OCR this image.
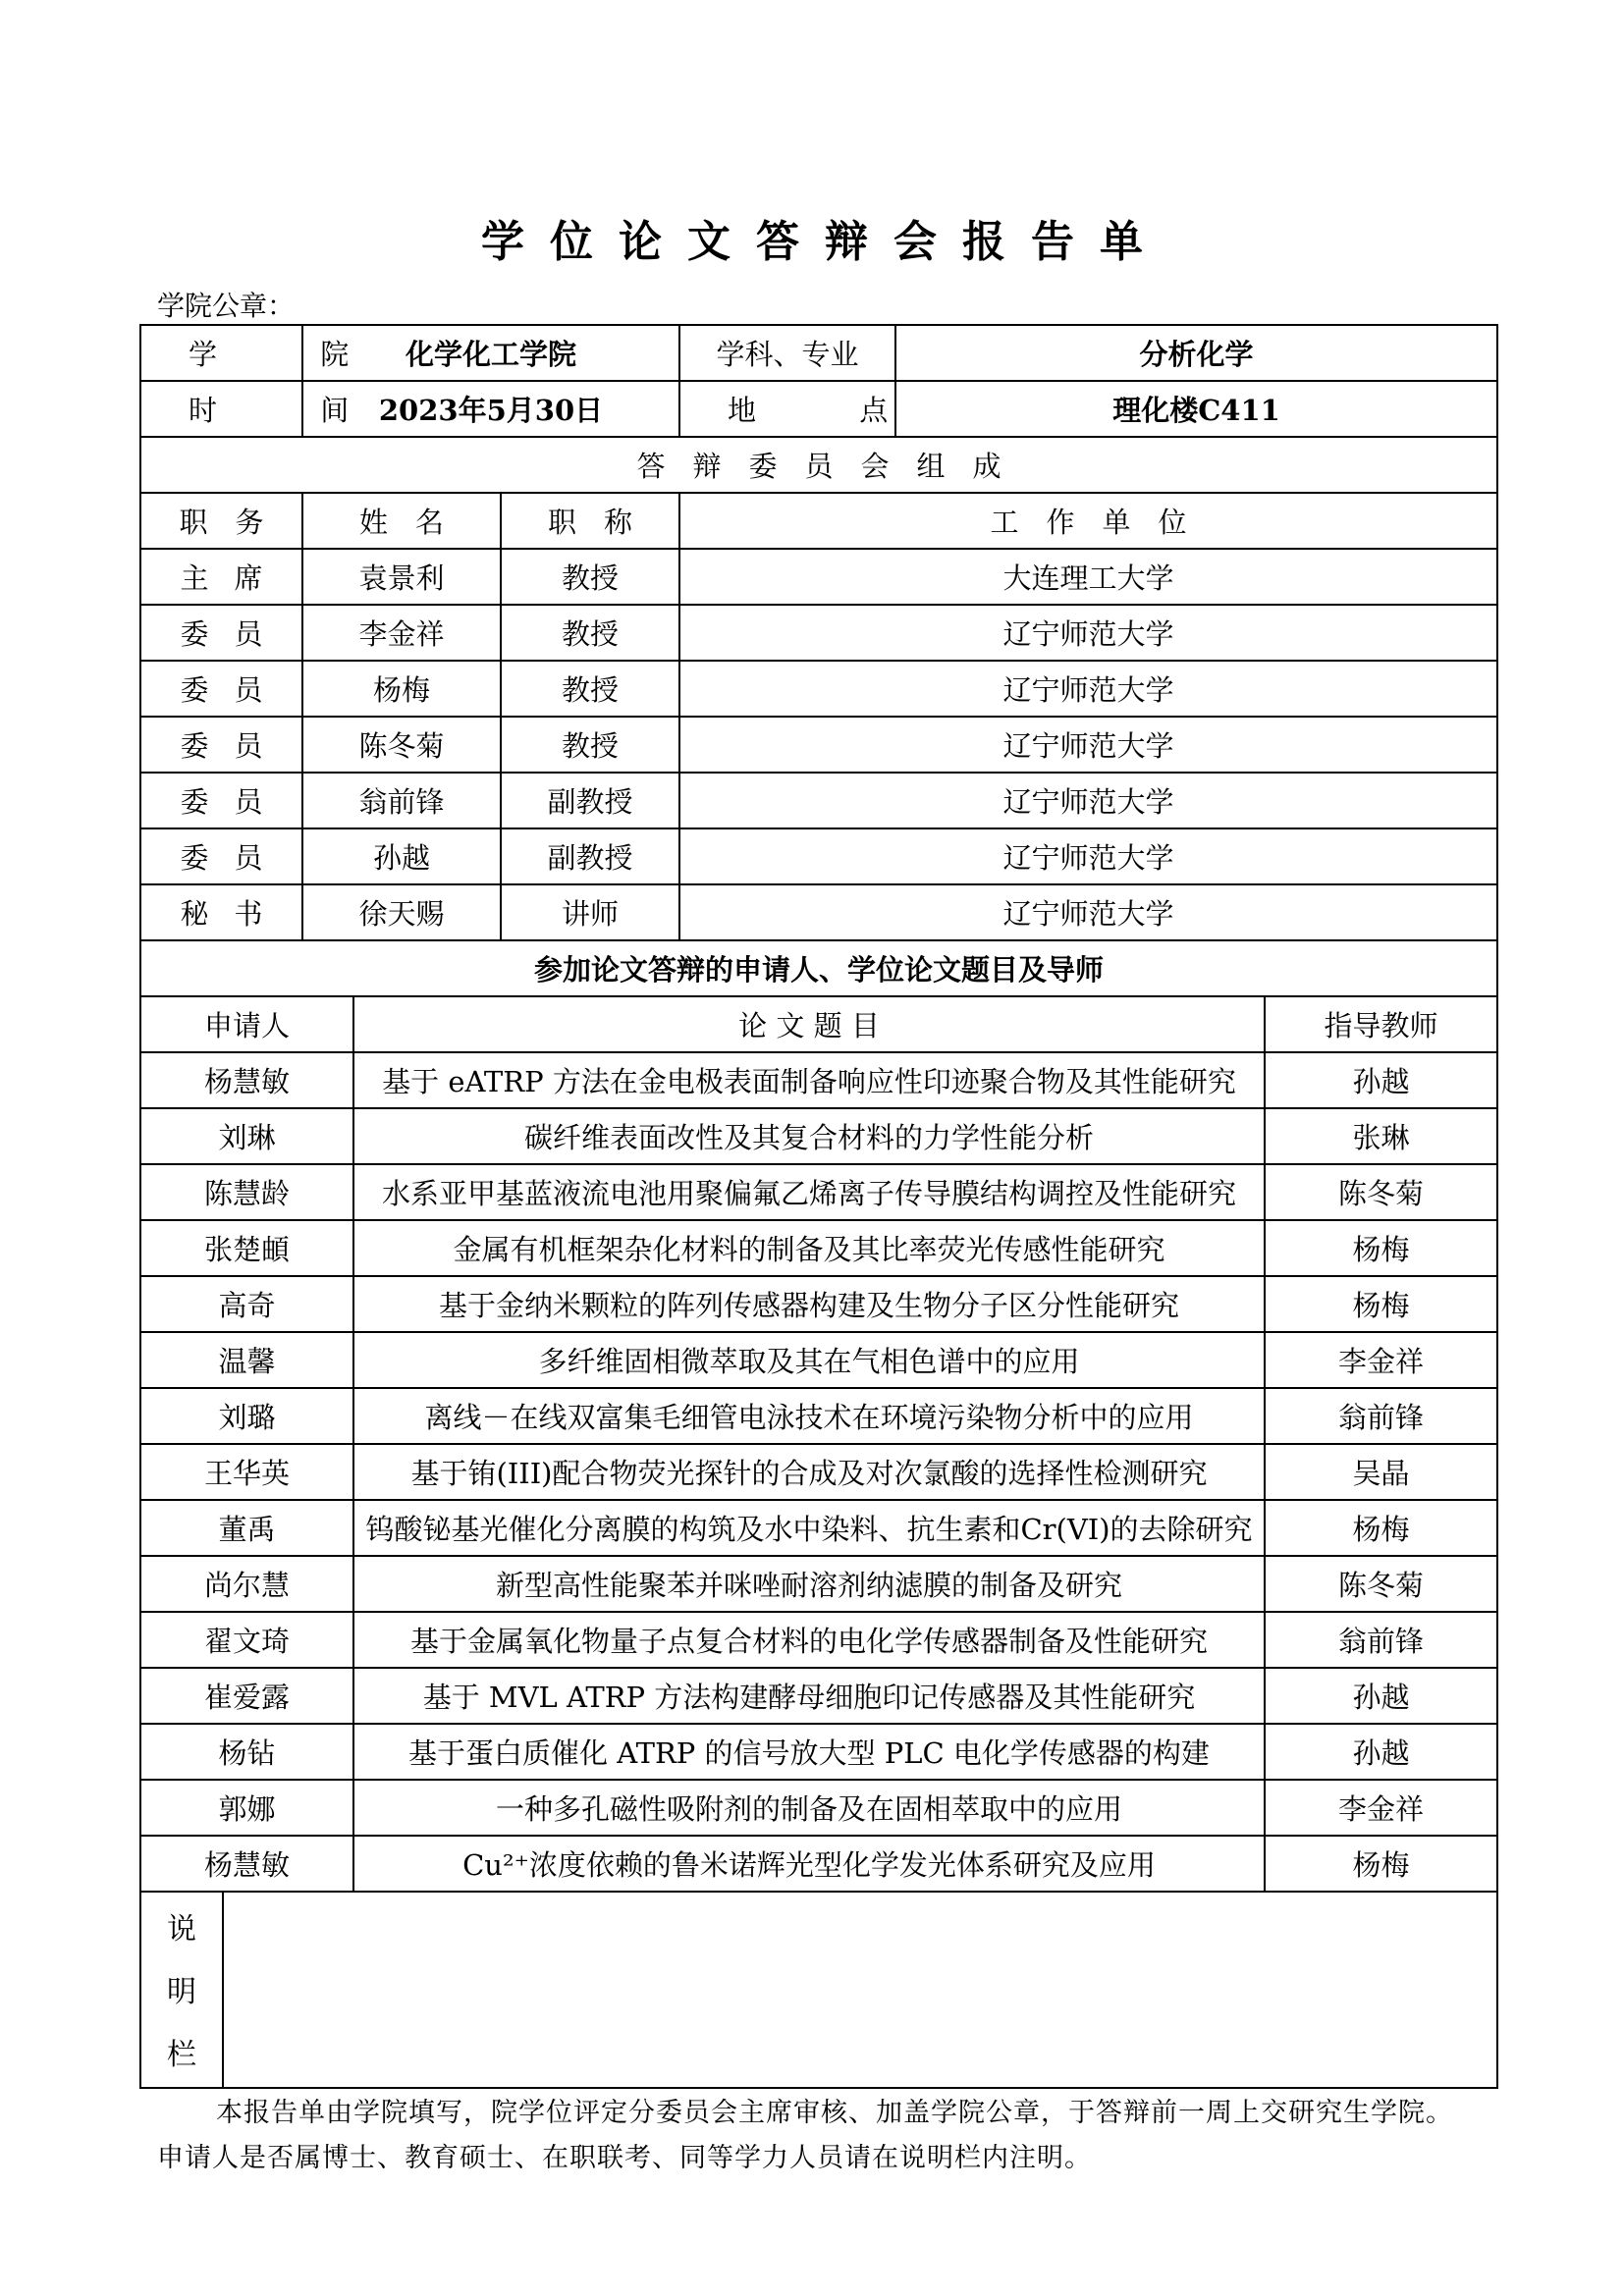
学位论文答辩会报告单
学院公章：
学 院	化学化工学院		学科、专业	分析化学
时 间	2023年5月30日		地 点	理化楼C411
答辩委员会组成				
职务	姓名	职称	工作单位	
主席	袁景利	教授	大连理工大学	
委员	李金祥	教授	辽宁师范大学	
委员	杨梅	教授	辽宁师范大学	
委员	陈冬菊	教授	辽宁师范大学	
委员	翁前锋	副教授	辽宁师范大学	
委员	孙越	副教授	辽宁师范大学	
秘书	徐天赐	讲师	辽宁师范大学	
参加论文答辩的申请人、学位论文题目及导师				
申请人	论 文 题 目	指导教师
杨慧敏	基于 eATRP 方法在金电极表面制备响应性印迹聚合物及其性能研究	孙越
刘琳	碳纤维表面改性及其复合材料的力学性能分析	张琳
陈慧龄	水系亚甲基蓝液流电池用聚偏氟乙烯离子传导膜结构调控及性能研究	陈冬菊
张楚頔	金属有机框架杂化材料的制备及其比率荧光传感性能研究	杨梅
高奇	基于金纳米颗粒的阵列传感器构建及生物分子区分性能研究	杨梅
温馨	多纤维固相微萃取及其在气相色谱中的应用	李金祥
刘璐	离线－在线双富集毛细管电泳技术在环境污染物分析中的应用	翁前锋
王华英	基于铕(III)配合物荧光探针的合成及对次氯酸的选择性检测研究	吴晶
董禹	钨酸铋基光催化分离膜的构筑及水中染料、抗生素和Cr(VI)的去除研究	杨梅
尚尔慧	新型高性能聚苯并咪唑耐溶剂纳滤膜的制备及研究	陈冬菊
翟文琦	基于金属氧化物量子点复合材料的电化学传感器制备及性能研究	翁前锋
崔爱露	基于 MVL ATRP 方法构建酵母细胞印记传感器及其性能研究	孙越
杨钻	基于蛋白质催化 ATRP 的信号放大型 PLC 电化学传感器的构建	孙越
郭娜	一种多孔磁性吸附剂的制备及在固相萃取中的应用	李金祥
杨慧敏	Cu²⁺浓度依赖的鲁米诺辉光型化学发光体系研究及应用	杨梅
说
明
栏

本报告单由学院填写，院学位评定分委员会主席审核、加盖学院公章，于答辩前一周上交研究生学院。

申请人是否属博士、教育硕士、在职联考、同等学力人员请在说明栏内注明。
